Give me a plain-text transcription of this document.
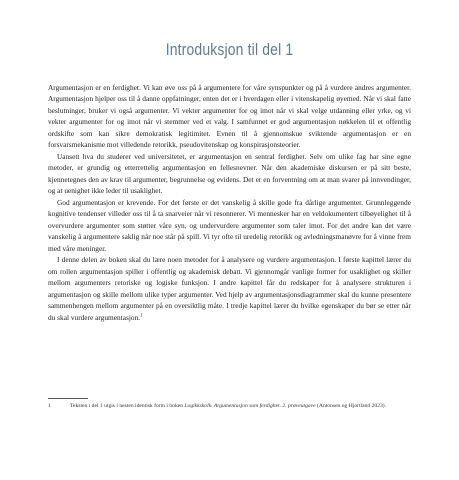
Introduksjon til del 1

Argumentasjon er en ferdighet. Vi kan øve oss på å argumentere for våre synspunkter og på å vurdere andres argumenter. Argumentasjon hjelper oss til å danne oppfatninger, enten det er i hverdagen eller i vitenskapelig øyemed. Når vi skal fatte beslutninger, bruker vi også argumenter. Vi vekter argumenter for og imot når vi skal velge utdanning eller yrke, og vi vekter argumenter for og imot når vi stemmer ved et valg. I samfunnet er god argumentasjon nøkkelen til et offentlig ordskifte som kan sikre demokratisk legitimitet. Evnen til å gjennomskue sviktende argumentasjon er en forsvarsmekanisme mot villedende retorikk, pseudovitenskap og konspirasjonsteorier.

Uansett hva du studerer ved universitetet, er argumentasjon en sentral ferdighet. Selv om ulike fag har sine egne metoder, er grundig og etterrettelig argumentasjon en fellesnevner. Når den akademiske diskursen er på sitt beste, kjennetegnes den av krav til argumenter, begrunnelse og evidens. Det er en forventning om at man svarer på innvendinger, og at uenighet ikke leder til usaklighet.

God argumentasjon er krevende. For det første er det vanskelig å skille gode fra dårlige argumenter. Grunnleggende kognitive tendenser villeder oss til å ta snarveier når vi resonnerer. Vi mennesker har en veldokumentert tilbøyelighet til å overvurdere argumenter som støtter våre syn, og undervurdere argumenter som taler imot. For det andre kan det være vanskelig å argumentere saklig når noe står på spill. Vi tyr ofte til uredelig retorikk og avledningsmanøvre for å vinne frem med våre meninger.

I denne delen av boken skal du lære noen metoder for å analysere og vurdere argumentasjon. I første kapittel lærer du om rollen argumentasjon spiller i offentlig og akademisk debatt. Vi gjennomgår vanlige former for usaklighet og skiller mellom argumenters retoriske og logiske funksjon. I andre kapittel får du redskaper for å analysere strukturen i argumentasjon og skille mellom ulike typer argumenter. Ved hjelp av argumentasjonsdiagrammer skal du kunne presentere sammenhengen mellom argumenter på en oversiktlig måte. I tredje kapittel lærer du hvilke egenskaper du bør se etter når du skal vurdere argumentasjon.$^1$

1	Teksten i del 1 utgis i nesten identisk form i boken Logikkskolk. Argumentasjon som ferdighet. 2. prøveutgave (Antonsen og Hjortland 2023).
